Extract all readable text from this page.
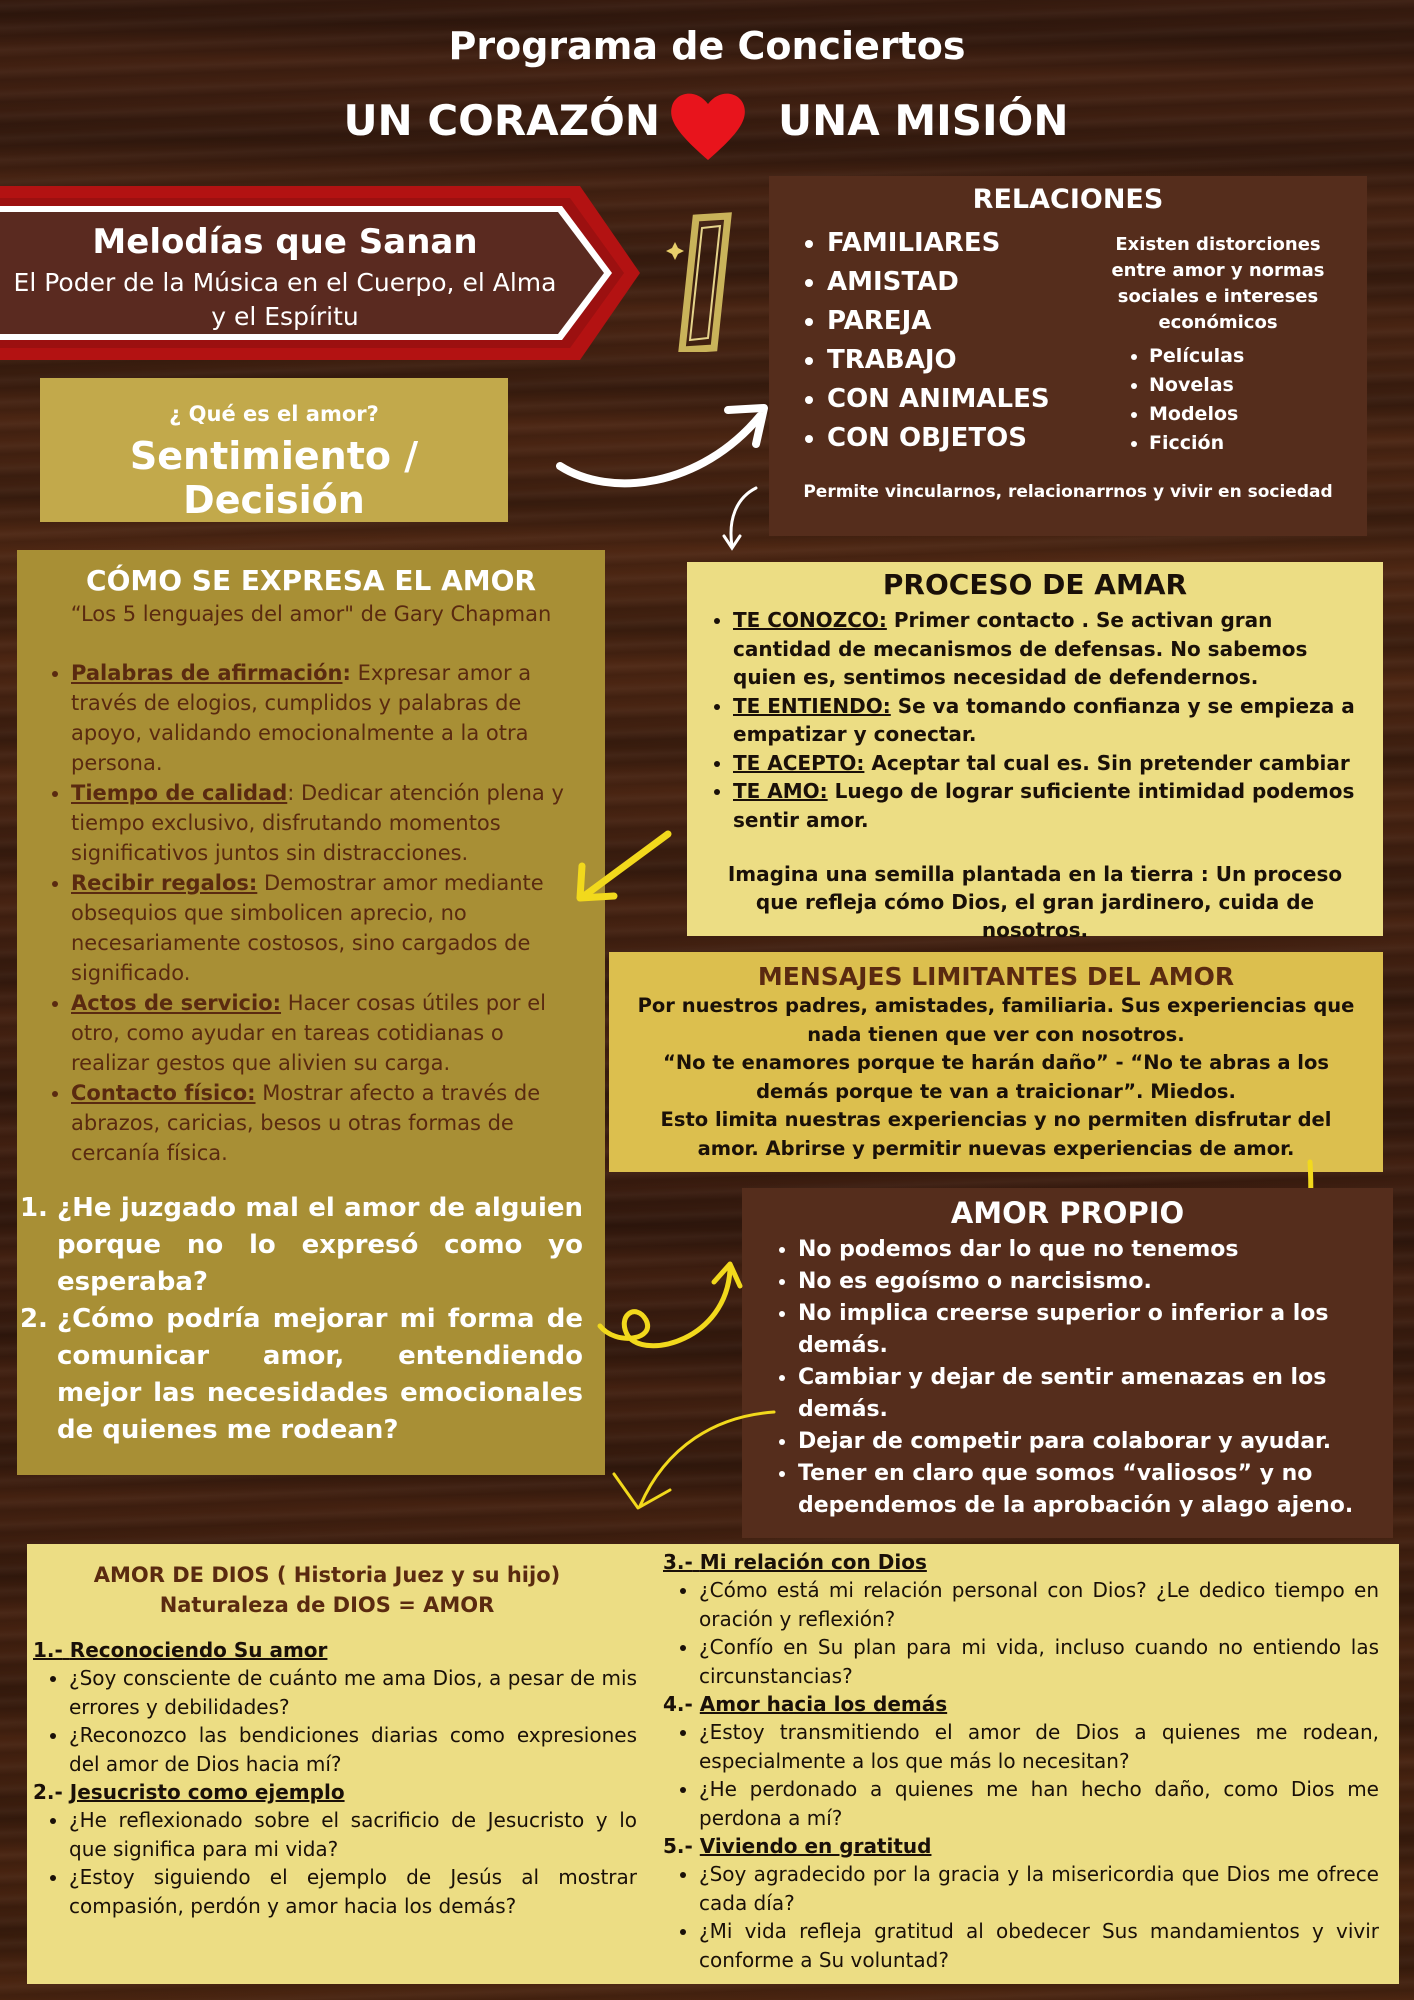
Programa de Conciertos
UN CORAZÓN	UNA MISIÓN
Melodías que Sanan
El Poder de la Música en el Cuerpo, el Alma y el Espíritu
¿ Qué es el amor?
Sentimiento / Decisión
RELACIONES
• FAMILIARES
• AMISTAD
• PAREJA
• TRABAJO
• CON ANIMALES
• CON OBJETOS
Existen distorciones entre amor y normas sociales e intereses económicos
• Películas
• Novelas
• Modelos
• Ficción
Permite vincularnos, relacionarrnos y vivir en sociedad
CÓMO SE EXPRESA EL AMOR
“Los 5 lenguajes del amor" de Gary Chapman
• Palabras de afirmación: Expresar amor a través de elogios, cumplidos y palabras de apoyo, validando emocionalmente a la otra persona.
• Tiempo de calidad: Dedicar atención plena y tiempo exclusivo, disfrutando momentos significativos juntos sin distracciones.
• Recibir regalos: Demostrar amor mediante obsequios que simbolicen aprecio, no necesariamente costosos, sino cargados de significado.
• Actos de servicio: Hacer cosas útiles por el otro, como ayudar en tareas cotidianas o realizar gestos que alivien su carga.
• Contacto físico: Mostrar afecto a través de abrazos, caricias, besos u otras formas de cercanía física.
1. ¿He juzgado mal el amor de alguien porque no lo expresó como yo esperaba?
2. ¿Cómo podría mejorar mi forma de comunicar amor, entendiendo mejor las necesidades emocionales de quienes me rodean?
PROCESO DE AMAR
• TE CONOZCO: Primer contacto . Se activan gran cantidad de mecanismos de defensas. No sabemos quien es, sentimos necesidad de defendernos.
• TE ENTIENDO: Se va tomando confianza y se empieza a empatizar y conectar.
• TE ACEPTO: Aceptar tal cual es. Sin pretender cambiar
• TE AMO: Luego de lograr suficiente intimidad podemos sentir amor.
Imagina una semilla plantada en la tierra : Un proceso que refleja cómo Dios, el gran jardinero, cuida de nosotros.
MENSAJES LIMITANTES DEL AMOR
Por nuestros padres, amistades, familiaria. Sus experiencias que nada tienen que ver con nosotros.
“No te enamores porque te harán daño” - “No te abras a los demás porque te van a traicionar”. Miedos.
Esto limita nuestras experiencias y no permiten disfrutar del amor. Abrirse y permitir nuevas experiencias de amor.
AMOR PROPIO
• No podemos dar lo que no tenemos
• No es egoísmo o narcisismo.
• No implica creerse superior o inferior a los demás.
• Cambiar y dejar de sentir amenazas en los demás.
• Dejar de competir para colaborar y ayudar.
• Tener en claro que somos “valiosos” y no dependemos de la aprobación y alago ajeno.
AMOR DE DIOS ( Historia Juez y su hijo)
Naturaleza de DIOS = AMOR
1.- Reconociendo Su amor
• ¿Soy consciente de cuánto me ama Dios, a pesar de mis errores y debilidades?
• ¿Reconozco las bendiciones diarias como expresiones del amor de Dios hacia mí?
2.- Jesucristo como ejemplo
• ¿He reflexionado sobre el sacrificio de Jesucristo y lo que significa para mi vida?
• ¿Estoy siguiendo el ejemplo de Jesús al mostrar compasión, perdón y amor hacia los demás?
3.- Mi relación con Dios
• ¿Cómo está mi relación personal con Dios? ¿Le dedico tiempo en oración y reflexión?
• ¿Confío en Su plan para mi vida, incluso cuando no entiendo las circunstancias?
4.- Amor hacia los demás
• ¿Estoy transmitiendo el amor de Dios a quienes me rodean, especialmente a los que más lo necesitan?
• ¿He perdonado a quienes me han hecho daño, como Dios me perdona a mí?
5.- Viviendo en gratitud
• ¿Soy agradecido por la gracia y la misericordia que Dios me ofrece cada día?
• ¿Mi vida refleja gratitud al obedecer Sus mandamientos y vivir conforme a Su voluntad?
